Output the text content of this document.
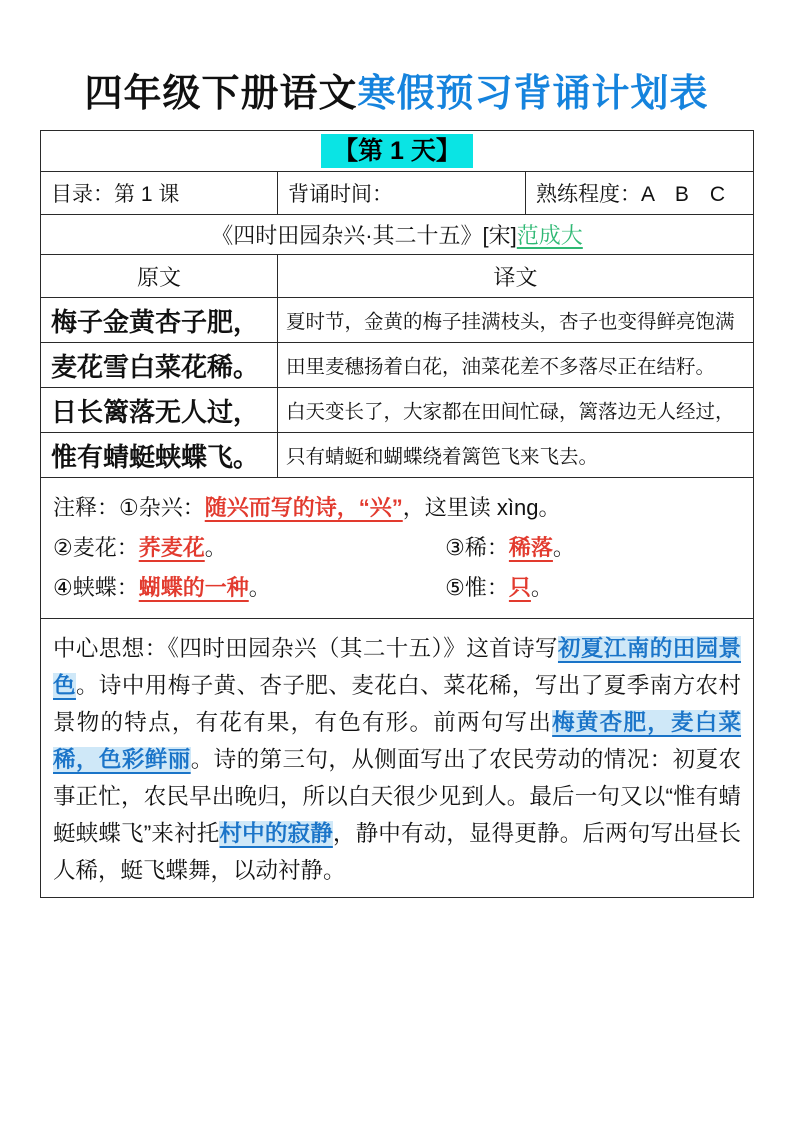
四年级下册语文寒假预习背诵计划表
【第 1 天】		
目录：第 1 课	背诵时间：	熟练程度：A　B　C
《四时田园杂兴·其二十五》[宋]范成大		
原文	译文	
梅子金黄杏子肥，	夏时节，金黄的梅子挂满枝头，杏子也变得鲜亮饱满	
麦花雪白菜花稀。	田里麦穗扬着白花，油菜花差不多落尽正在结籽。	
日长篱落无人过，	白天变长了，大家都在田间忙碌，篱落边无人经过，	
惟有蜻蜓蛱蝶飞。	只有蜻蜓和蝴蝶绕着篱笆飞来飞去。	

注释：①杂兴：随兴而写的诗，“兴”，这里读 xìng。
②麦花：荞麦花。 ③稀：稀落。
④蛱蝶：蝴蝶的一种。 ⑤惟：只。		

中心思想：《四时田园杂兴（其二十五）》这首诗写初夏江南的田园景色。诗中用梅子黄、杏子肥、麦花白、菜花稀，写出了夏季南方农村景物的特点，有花有果，有色有形。前两句写出梅黄杏肥，麦白菜稀，色彩鲜丽。诗的第三句，从侧面写出了农民劳动的情况：初夏农事正忙，农民早出晚归，所以白天很少见到人。最后一句又以“惟有蜻蜓蛱蝶飞”来衬托村中的寂静，静中有动，显得更静。后两句写出昼长人稀，蜓飞蝶舞，以动衬静。		
